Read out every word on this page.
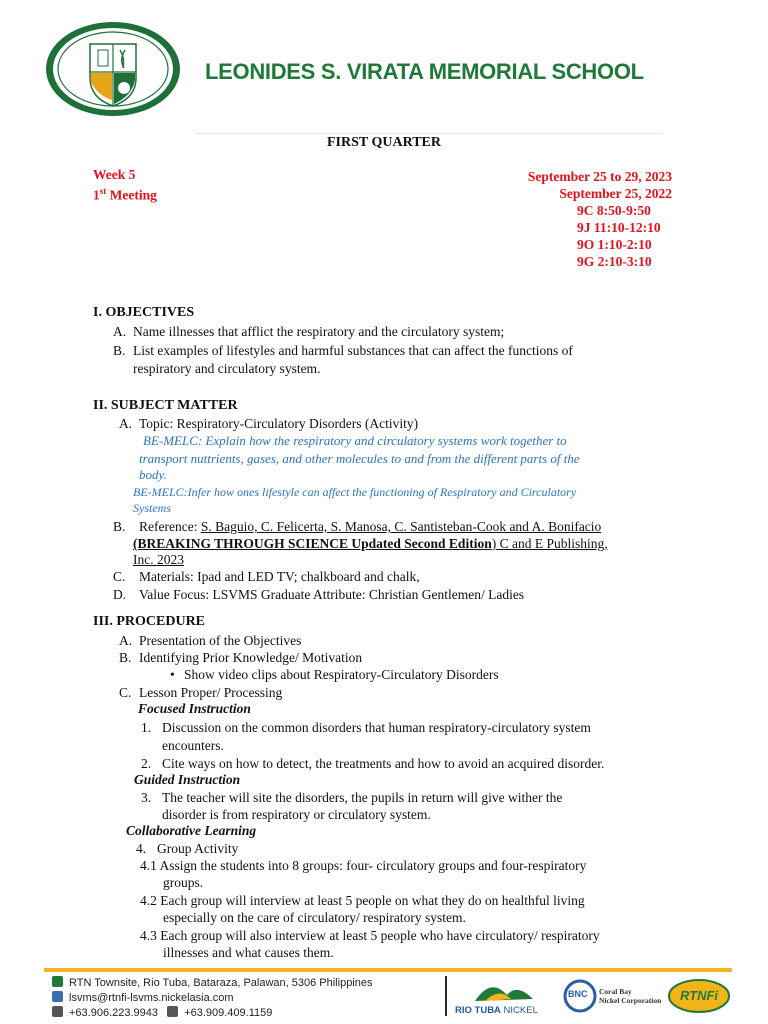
LEONIDES S. VIRATA MEMORIAL SCHOOL
FIRST QUARTER
Week 5
1st Meeting
September 25 to 29, 2023
September 25, 2022
9C 8:50-9:50
9J 11:10-12:10
9O 1:10-2:10
9G 2:10-3:10
I. OBJECTIVES
A. Name illnesses that afflict the respiratory and the circulatory system;
B. List examples of lifestyles and harmful substances that can affect the functions of
respiratory and circulatory system.
II. SUBJECT MATTER
A. Topic: Respiratory-Circulatory Disorders (Activity)
BE-MELC: Explain how the respiratory and circulatory systems work together to
transport nuttrients, gases, and other molecules to and from the different parts of the
body.
BE-MELC:Infer how ones lifestyle can affect the functioning of Respiratory and Circulatory
Systems
B. Reference: S. Baguio, C. Felicerta, S. Manosa, C. Santisteban-Cook and A. Bonifacio
(BREAKING THROUGH SCIENCE Updated Second Edition) C and E Publishing,
Inc. 2023
C. Materials: Ipad and LED TV; chalkboard and chalk,
D. Value Focus: LSVMS Graduate Attribute: Christian Gentlemen/ Ladies
III. PROCEDURE
A. Presentation of the Objectives
B. Identifying Prior Knowledge/ Motivation
• Show video clips about Respiratory-Circulatory Disorders
C. Lesson Proper/ Processing
Focused Instruction
1. Discussion on the common disorders that human respiratory-circulatory system
encounters.
2. Cite ways on how to detect, the treatments and how to avoid an acquired disorder.
Guided Instruction
3. The teacher will site the disorders, the pupils in return will give wither the
disorder is from respiratory or circulatory system.
Collaborative Learning
4. Group Activity
4.1 Assign the students into 8 groups: four- circulatory groups and four-respiratory
groups.
4.2 Each group will interview at least 5 people on what they do on healthful living
especially on the care of circulatory/ respiratory system.
4.3 Each group will also interview at least 5 people who have circulatory/ respiratory
illnesses and what causes them.
RTN Townsite, Rio Tuba, Bataraza, Palawan, 5306 Philippines
lsvms@rtnfi-lsvms.nickelasia.com
+63.906.223.9943 +63.909.409.1159	RIO TUBA NICKEL
BNC Coral Bay
Nickel Corporation	RTNFi
